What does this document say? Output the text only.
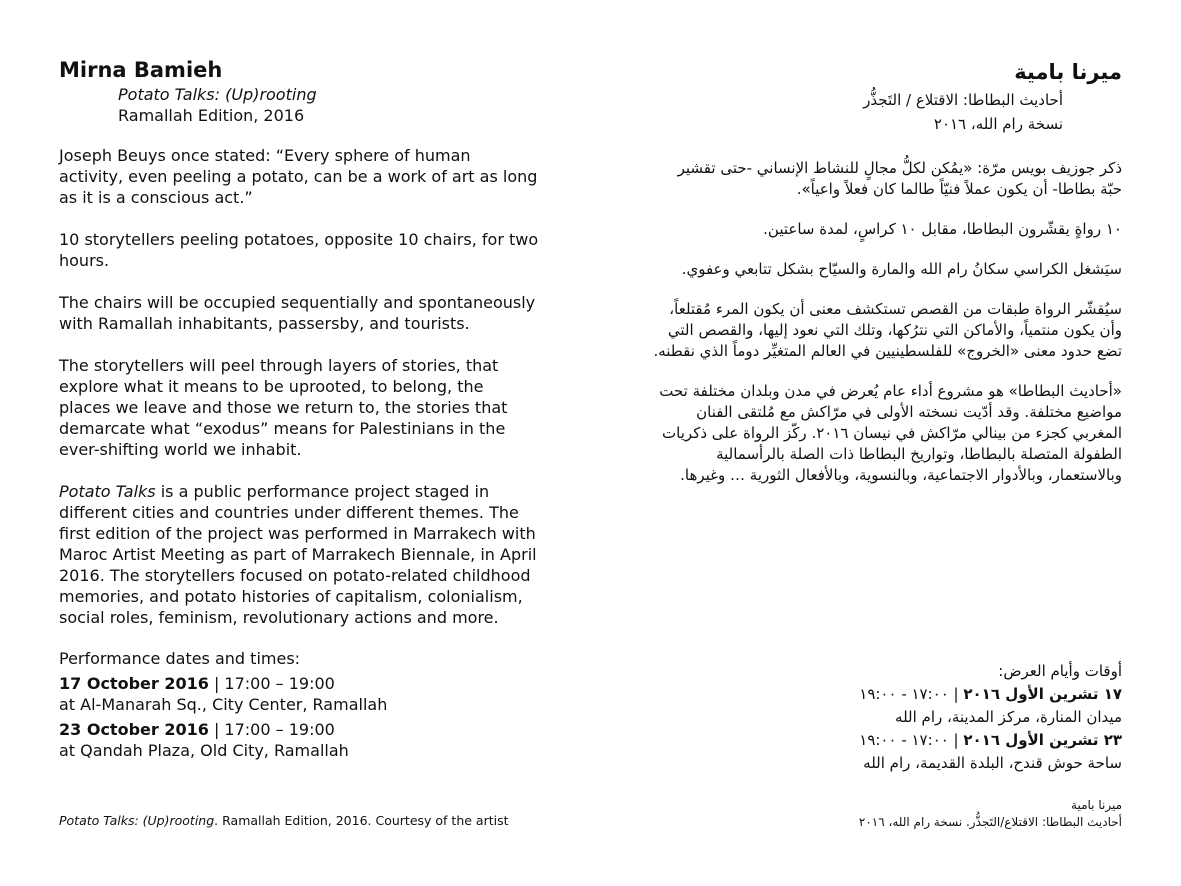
Mirna Bamieh
Potato Talks: (Up)rooting
Ramallah Edition, 2016

Joseph Beuys once stated: “Every sphere of human activity, even peeling a potato, can be a work of art as long as it is a conscious act.”

10 storytellers peeling potatoes, opposite 10 chairs, for two hours.

The chairs will be occupied sequentially and spontaneously with Ramallah inhabitants, passersby, and tourists.

The storytellers will peel through layers of stories, that explore what it means to be uprooted, to belong, the places we leave and those we return to, the stories that demarcate what “exodus” means for Palestinians in the ever-shifting world we inhabit.

Potato Talks is a public performance project staged in different cities and countries under different themes. The first edition of the project was performed in Marrakech with Maroc Artist Meeting as part of Marrakech Biennale, in April 2016. The storytellers focused on potato-related childhood memories, and potato histories of capitalism, colonialism, social roles, feminism, revolutionary actions and more.

Performance dates and times:
17 October 2016 | 17:00 – 19:00
at Al-Manarah Sq., City Center, Ramallah
23 October 2016 | 17:00 – 19:00
at Qandah Plaza, Old City, Ramallah
Potato Talks: (Up)rooting. Ramallah Edition, 2016. Courtesy of the artist
ميرنا بامية
أحاديث البطاطا: الاقتلاع / التَجذُّر
نسخة رام الله، ٢٠١٦

ذكر جوزيف بويس مرّة: «يمُكن لكلُّ مجالٍ للنشاط الإنساني -حتى تقشير حبّة بطاطا- أن يكون عملاً فنيّاً طالما كان فعلاً واعياً».

١٠ رواةٍ يقشّرون البطاطا، مقابل ١٠ كراسٍ، لمدة ساعتين.

سيَشغل الكراسي سكانُ رام الله والمارة والسيّاح بشكل تتابعي وعفوي.

سيُقشّر الرواة طبقات من القصص تستكشف معنى أن يكون المرء مُقتلعاً، وأن يكون منتمياً، والأماكن التي نترُكها، وتلك التي نعود إليها، والقصص التي تضع حدود معنى «الخروج» للفلسطينيين في العالم المتغيِّر دوماً الذي نقطنه.

«أحاديث البطاطا» هو مشروع أداء عام يُعرض في مدن وبلدان مختلفة تحت مواضيع مختلفة. وقد أدّيت نسخته الأولى في مرّاكش مع مُلتقى الفنان المغربي كجزء من بينالي مرّاكش في نيسان ٢٠١٦. ركّز الرواة على ذكريات الطفولة المتصلة بالبطاطا، وتواريخ البطاطا ذات الصلة بالرأسمالية وبالاستعمار، وبالأدوار الاجتماعية، وبالنسوية، وبالأفعال الثورية … وغيرها.

أوقات وأيام العرض:
١٧ تشرين الأول ٢٠١٦ | ١٧:٠٠ - ١٩:٠٠
ميدان المنارة، مركز المدينة، رام الله
٢٣ تشرين الأول ٢٠١٦ | ١٧:٠٠ - ١٩:٠٠
ساحة حوش قندح، البلدة القديمة، رام الله
ميرنا بامية
أحاديث البطاطا: الاقتلاع/التَجذُّر. نسخة رام الله، ٢٠١٦
